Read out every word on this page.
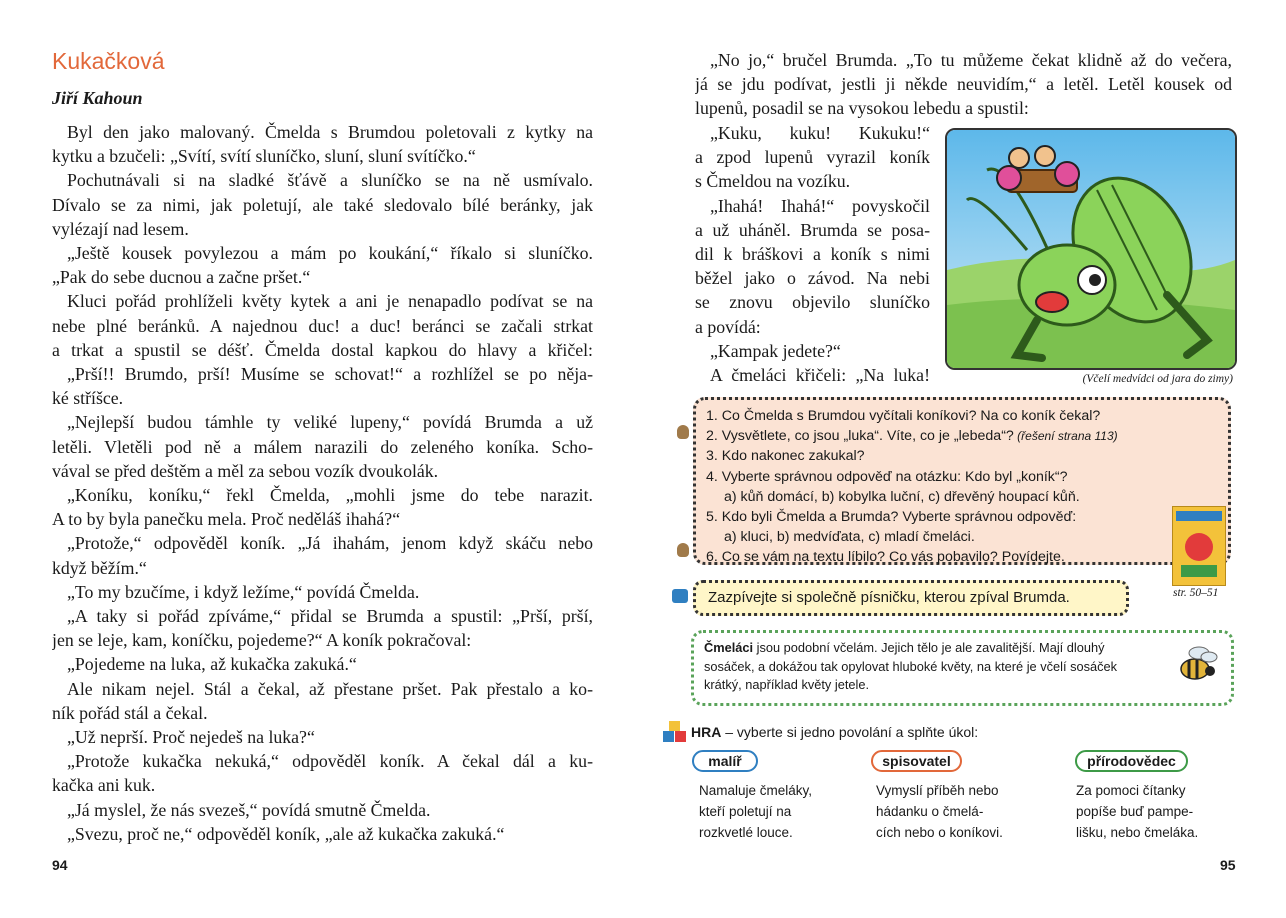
Kukačková
Jiří Kahoun
Byl den jako malovaný. Čmelda s Brumdou poletovali z kytky na
kytku a bzučeli: „Svítí, svítí sluníčko, sluní, sluní svítíčko.“
Pochutnávali si na sladké šťávě a sluníčko se na ně usmívalo.
Dívalo se za nimi, jak poletují, ale také sledovalo bílé beránky, jak
vylézají nad lesem.
„Ještě kousek povylezou a mám po koukání,“ říkalo si sluníčko.
„Pak do sebe ducnou a začne pršet.“
Kluci pořád prohlíželi květy kytek a ani je nenapadlo podívat se na
nebe plné beránků. A najednou duc! a duc! beránci se začali strkat
a trkat a spustil se déšť. Čmelda dostal kapkou do hlavy a křičel:
„Prší!! Brumdo, prší! Musíme se schovat!“ a rozhlížel se po něja-
ké stříšce.
„Nejlepší budou támhle ty veliké lupeny,“ povídá Brumda a už
letěli. Vletěli pod ně a málem narazili do zeleného koníka. Scho-
vával se před deštěm a měl za sebou vozík dvoukolák.
„Koníku, koníku,“ řekl Čmelda, „mohli jsme do tebe narazit.
A to by byla panečku mela. Proč neděláš ihahá?“
„Protože,“ odpověděl koník. „Já ihahám, jenom když skáču nebo
když běžím.“
„To my bzučíme, i když ležíme,“ povídá Čmelda.
„A taky si pořád zpíváme,“ přidal se Brumda a spustil: „Prší, prší,
jen se leje, kam, koníčku, pojedeme?“ A koník pokračoval:
„Pojedeme na luka, až kukačka zakuká.“
Ale nikam nejel. Stál a čekal, až přestane pršet. Pak přestalo a ko-
ník pořád stál a čekal.
„Už neprší. Proč nejedeš na luka?“
„Protože kukačka nekuká,“ odpověděl koník. A čekal dál a ku-
kačka ani kuk.
„Já myslel, že nás svezeš,“ povídá smutně Čmelda.
„Svezu, proč ne,“ odpověděl koník, „ale až kukačka zakuká.“
94
„No jo,“ bručel Brumda. „To tu můžeme čekat klidně až do večera,
já se jdu podívat, jestli ji někde neuvidím,“ a letěl. Letěl kousek od
lupenů, posadil se na vysokou lebedu a spustil:
„Kuku, kuku! Kukuku!“
a zpod lupenů vyrazil koník
s Čmeldou na vozíku.
„Ihahá! Ihahá!“ povyskočil
a už uháněl. Brumda se posa-
dil k bráškovi a koník s nimi
běžel jako o závod. Na nebi
se znovu objevilo sluníčko
a povídá:
„Kampak jedete?“
A čmeláci křičeli: „Na luka!	(Včelí medvídci od jara do zimy)
1. Co Čmelda s Brumdou vyčítali koníkovi? Na co koník čekal?
2. Vysvětlete, co jsou „luka“. Víte, co je „lebeda“? (řešení strana 113)
3. Kdo nakonec zakukal?
4. Vyberte správnou odpověď na otázku: Kdo byl „koník“?
a) kůň domácí, b) kobylka luční, c) dřevěný houpací kůň.
5. Kdo byli Čmelda a Brumda? Vyberte správnou odpověď:
a) kluci, b) medvíďata, c) mladí čmeláci.
6. Co se vám na textu líbilo? Co vás pobavilo? Povídejte.
str. 50–51
Zazpívejte si společně písničku, kterou zpíval Brumda.
Čmeláci jsou podobní včelám. Jejich tělo je ale zavalitější. Mají dlouhý
sosáček, a dokážou tak opylovat hluboké květy, na které je včelí sosáček
krátký, například květy jetele.
HRA – vyberte si jedno povolání a splňte úkol:
malíř	spisovatel	přírodovědec
Namaluje čmeláky,
kteří poletují na
rozkvetlé louce.
Vymyslí příběh nebo
hádanku o čmelá-
cích nebo o koníkovi.
Za pomoci čítanky
popíše buď pampe-
lišku, nebo čmeláka.
95
